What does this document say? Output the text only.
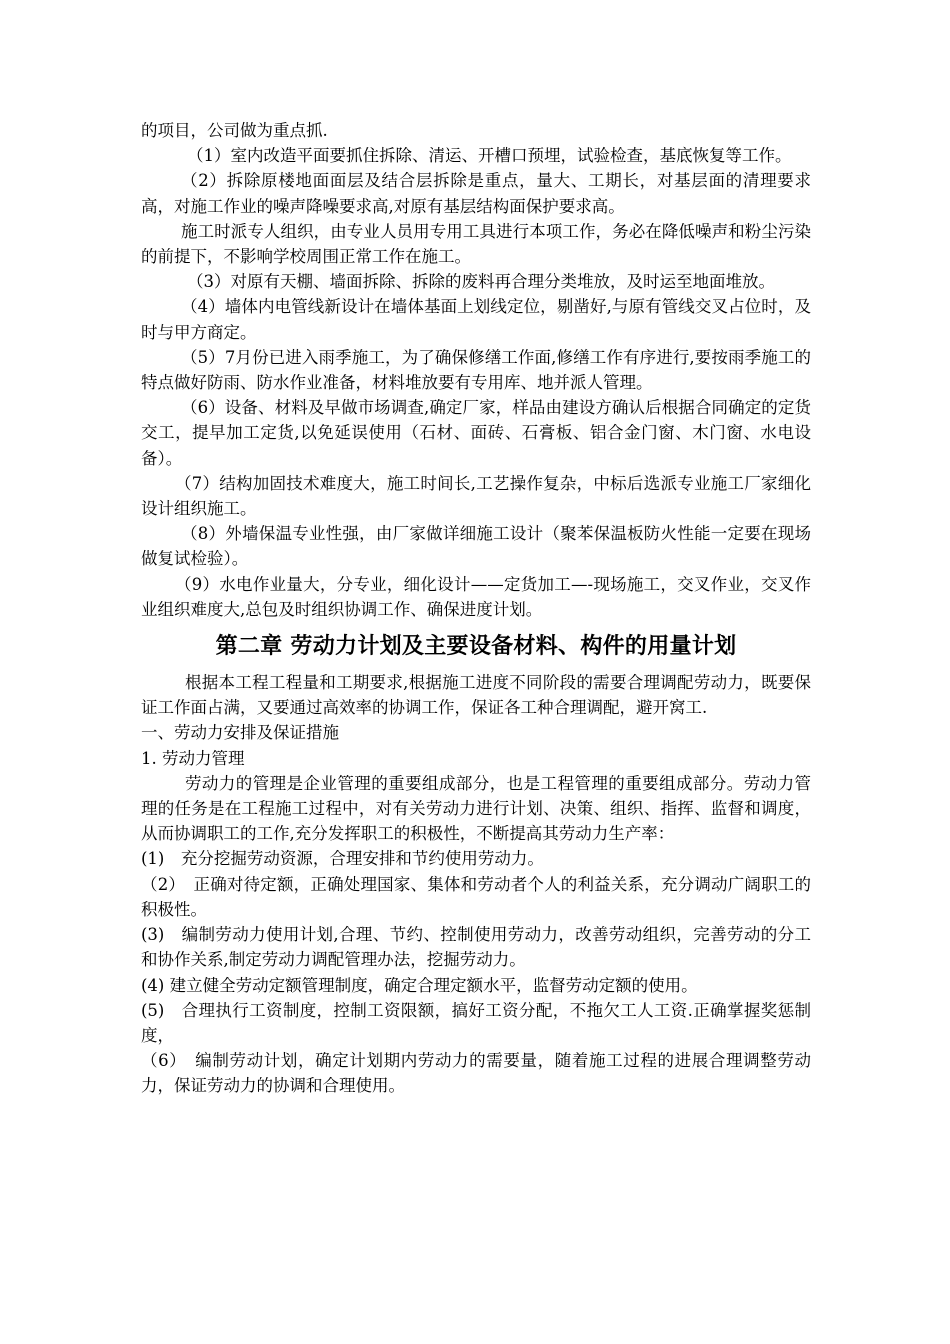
的项目，公司做为重点抓.

（1）室内改造平面要抓住拆除、清运、开槽口预埋，试验检查，基底恢复等工作。

（2）拆除原楼地面面层及结合层拆除是重点，量大、工期长，对基层面的清理要求高，对施工作业的噪声降噪要求高,对原有基层结构面保护要求高。

施工时派专人组织，由专业人员用专用工具进行本项工作，务必在降低噪声和粉尘污染的前提下，不影响学校周围正常工作在施工。

（3）对原有天棚、墙面拆除、拆除的废料再合理分类堆放，及时运至地面堆放。

（4）墙体内电管线新设计在墙体基面上划线定位，剔凿好,与原有管线交叉占位时，及时与甲方商定。

（5）7月份已进入雨季施工，为了确保修缮工作面,修缮工作有序进行,要按雨季施工的特点做好防雨、防水作业准备，材料堆放要有专用库、地并派人管理。

（6）设备、材料及早做市场调查,确定厂家，样品由建设方确认后根据合同确定的定货交工，提早加工定货,以免延误使用（石材、面砖、石膏板、铝合金门窗、木门窗、水电设备）。

（7）结构加固技术难度大，施工时间长,工艺操作复杂，中标后选派专业施工厂家细化设计组织施工。

（8）外墙保温专业性强，由厂家做详细施工设计（聚苯保温板防火性能一定要在现场做复试检验）。

（9）水电作业量大，分专业，细化设计——定货加工—-现场施工，交叉作业，交叉作业组织难度大,总包及时组织协调工作、确保进度计划。

第二章 劳动力计划及主要设备材料、构件的用量计划

根据本工程工程量和工期要求,根据施工进度不同阶段的需要合理调配劳动力，既要保证工作面占满，又要通过高效率的协调工作，保证各工种合理调配，避开窝工.

一、劳动力安排及保证措施

1. 劳动力管理

劳动力的管理是企业管理的重要组成部分，也是工程管理的重要组成部分。劳动力管理的任务是在工程施工过程中，对有关劳动力进行计划、决策、组织、指挥、监督和调度，从而协调职工的工作,充分发挥职工的积极性，不断提高其劳动力生产率：

(1)　充分挖掘劳动资源，合理安排和节约使用劳动力。

（2）　正确对待定额，正确处理国家、集体和劳动者个人的利益关系，充分调动广阔职工的积极性。

(3)　编制劳动力使用计划,合理、节约、控制使用劳动力，改善劳动组织，完善劳动的分工和协作关系,制定劳动力调配管理办法，挖掘劳动力。

(4) 建立健全劳动定额管理制度，确定合理定额水平，监督劳动定额的使用。

(5)　合理执行工资制度，控制工资限额，搞好工资分配，不拖欠工人工资.正确掌握奖惩制度，

（6）　编制劳动计划，确定计划期内劳动力的需要量，随着施工过程的进展合理调整劳动力，保证劳动力的协调和合理使用。
